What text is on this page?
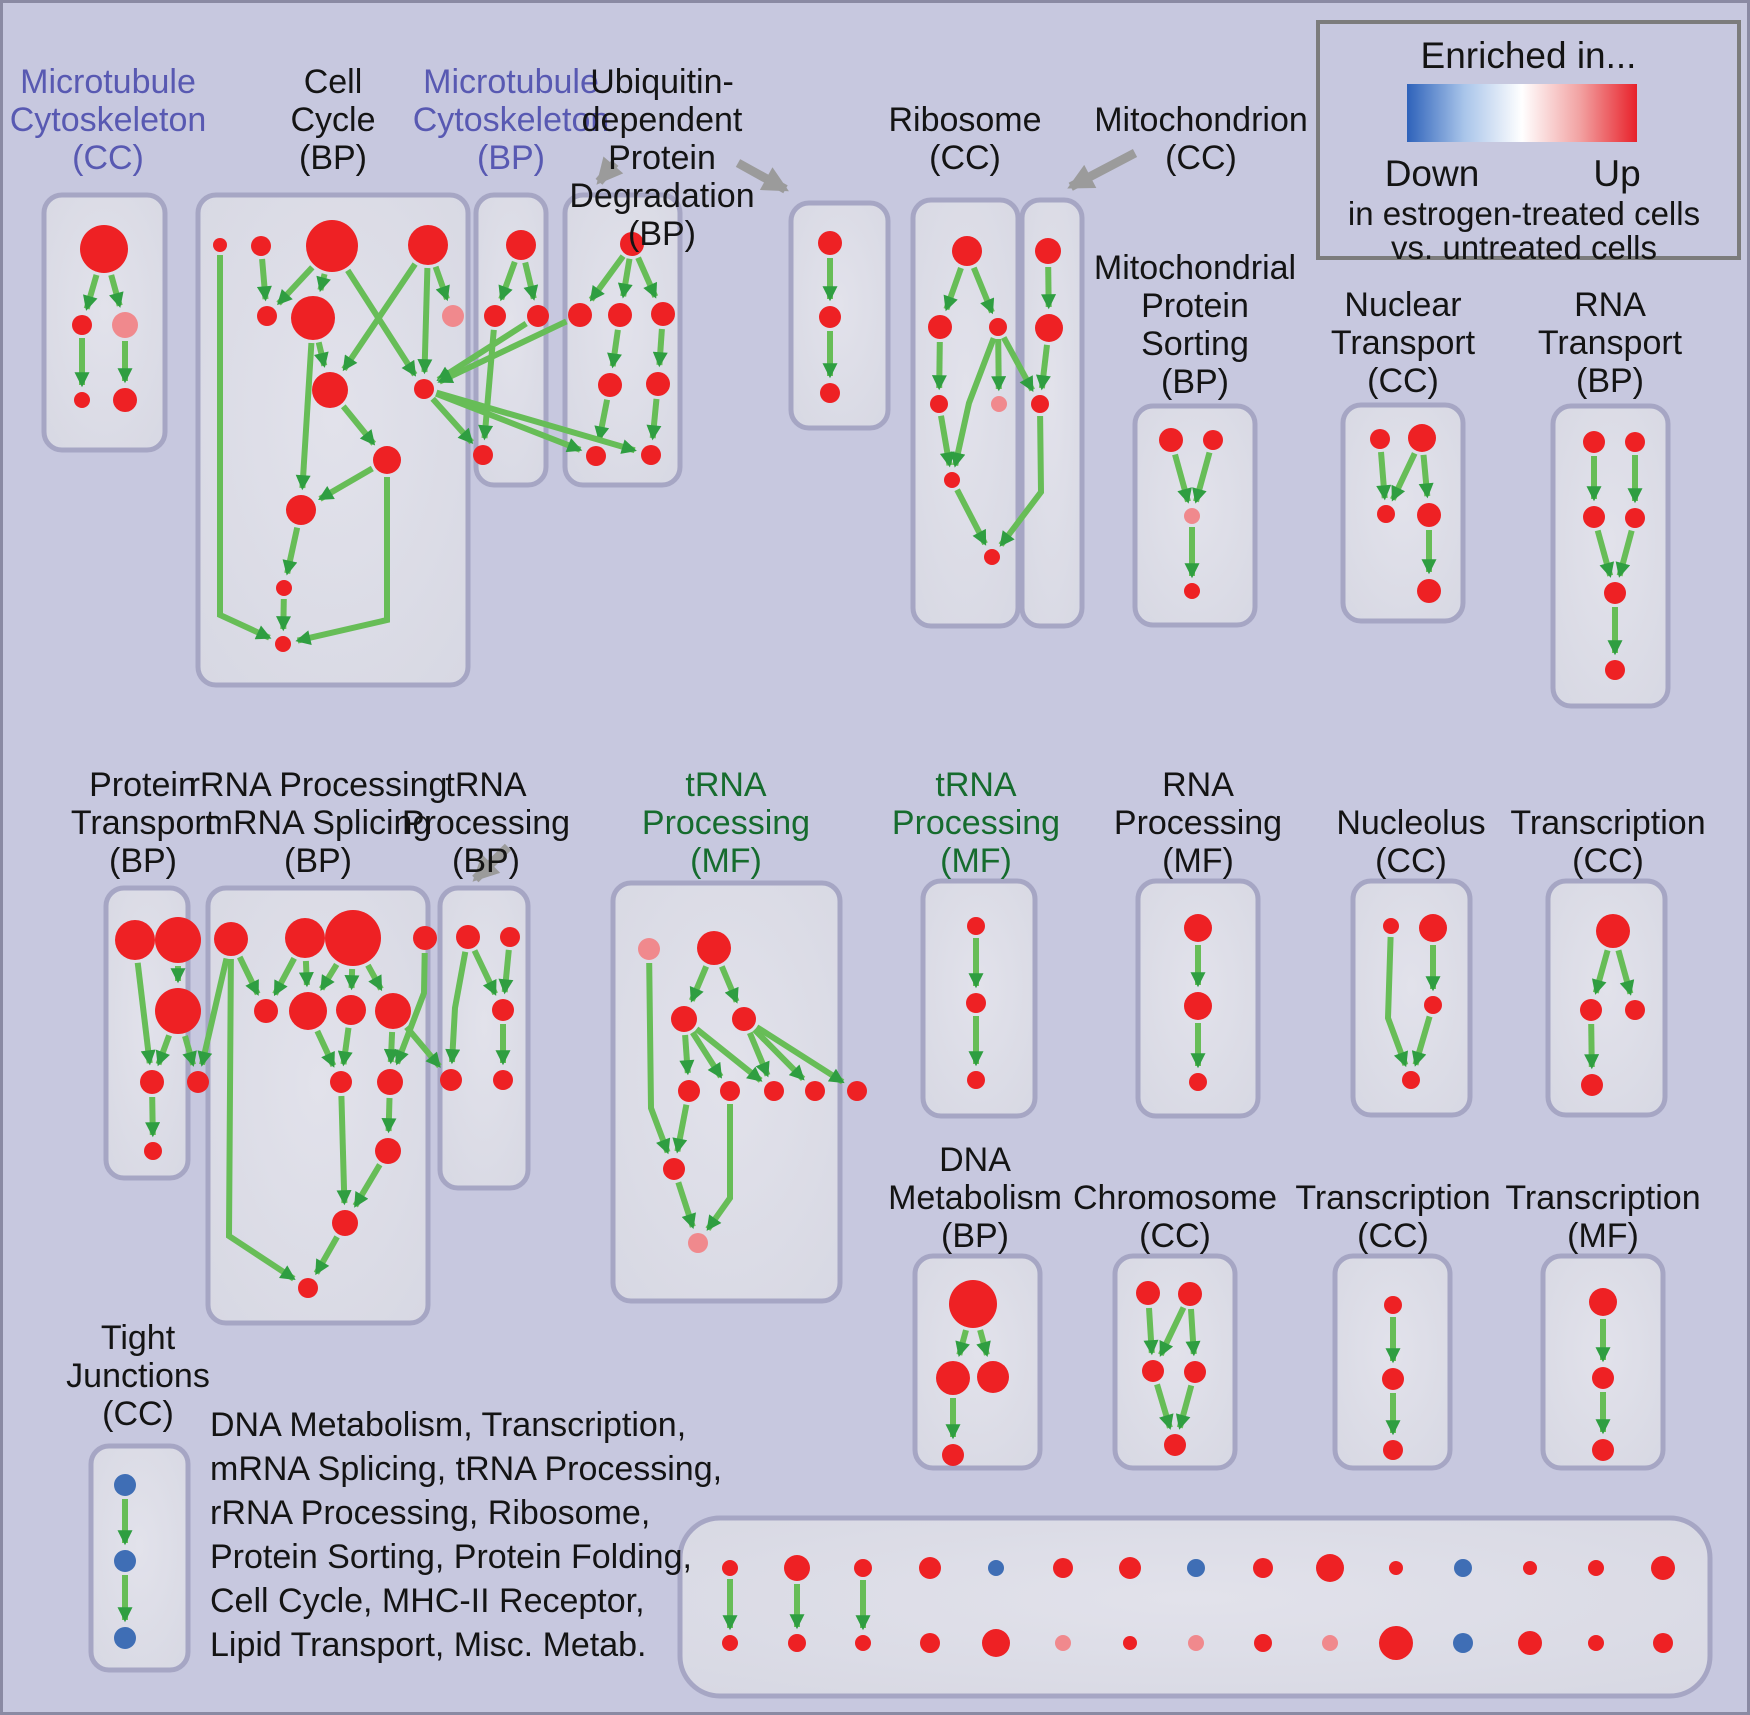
Microtubule
Cytoskeleton
(CC)
Cell
Cycle
(BP)
Microtubule
Cytoskeleton
(BP)
Ubiquitin-
dependent
Protein
Degradation
(BP)
Ribosome
(CC)
Mitochondrion
(CC)
Mitochondrial
Protein
Sorting
(BP)
Nuclear
Transport
(CC)
RNA
Transport
(BP)
Protein
Transport
(BP)
rRNA Processing
mRNA Splicing
(BP)
tRNA
Processing
(BP)
tRNA
Processing
(MF)
tRNA
Processing
(MF)
RNA
Processing
(MF)
Nucleolus
(CC)
Transcription
(CC)
Tight
Junctions
(CC)
DNA
Metabolism
(BP)
Chromosome
(CC)
Transcription
(CC)
Transcription
(MF)
Enriched in...
Down	Up
in estrogen-treated cells
vs. untreated cells
DNA Metabolism, Transcription,
mRNA Splicing, tRNA Processing,
rRNA Processing, Ribosome,
Protein Sorting, Protein Folding,
Cell Cycle, MHC-II Receptor,
Lipid Transport, Misc. Metab.
